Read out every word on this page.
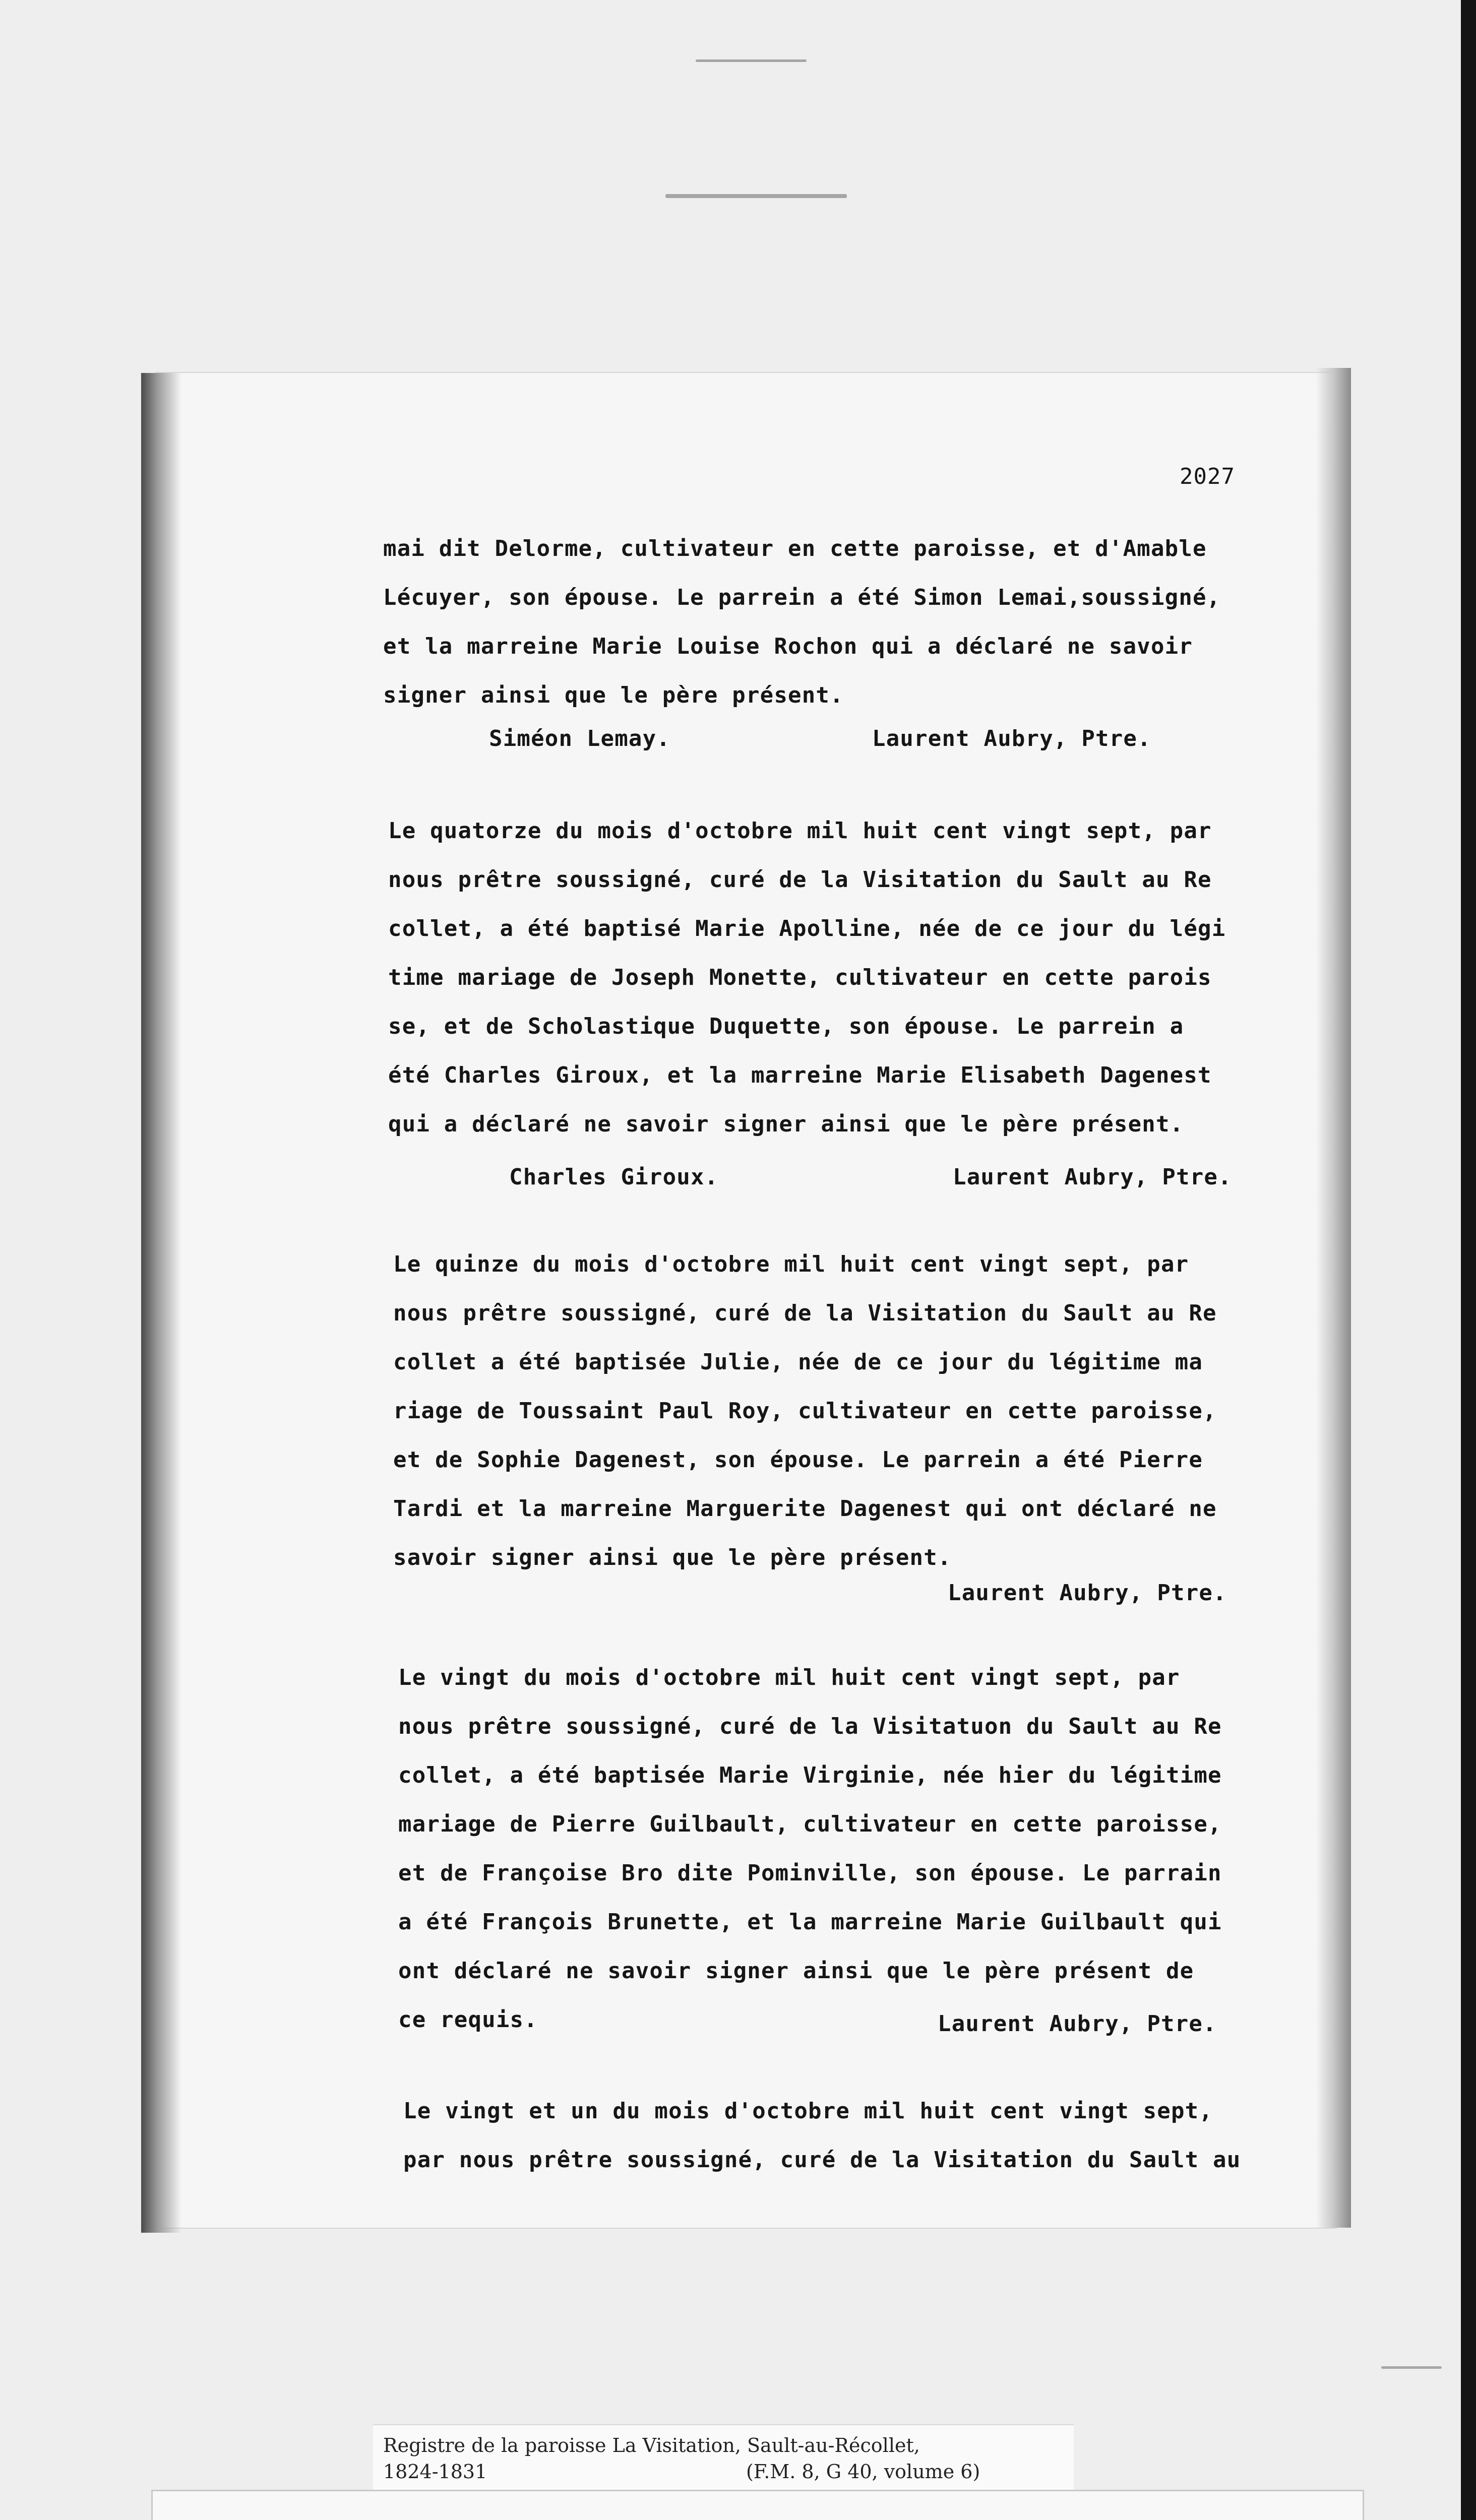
2027
mai dit Delorme, cultivateur en cette paroisse, et d'Amable
Lécuyer, son épouse. Le parrein a été Simon Lemai,soussigné,
et la marreine Marie Louise Rochon qui a déclaré ne savoir
signer ainsi que le père présent.
Siméon Lemay.	Laurent Aubry, Ptre.
Le quatorze du mois d'octobre mil huit cent vingt sept, par
nous prêtre soussigné, curé de la Visitation du Sault au Re
collet, a été baptisé Marie Apolline, née de ce jour du légi
time mariage de Joseph Monette, cultivateur en cette parois
se, et de Scholastique Duquette, son épouse. Le parrein a
été Charles Giroux, et la marreine Marie Elisabeth Dagenest
qui a déclaré ne savoir signer ainsi que le père présent.
Charles Giroux.	Laurent Aubry, Ptre.
Le quinze du mois d'octobre mil huit cent vingt sept, par
nous prêtre soussigné, curé de la Visitation du Sault au Re
collet a été baptisée Julie, née de ce jour du légitime ma
riage de Toussaint Paul Roy, cultivateur en cette paroisse,
et de Sophie Dagenest, son épouse. Le parrein a été Pierre
Tardi et la marreine Marguerite Dagenest qui ont déclaré ne
savoir signer ainsi que le père présent.
Laurent Aubry, Ptre.
Le vingt du mois d'octobre mil huit cent vingt sept, par
nous prêtre soussigné, curé de la Visitatuon du Sault au Re
collet, a été baptisée Marie Virginie, née hier du légitime
mariage de Pierre Guilbault, cultivateur en cette paroisse,
et de Françoise Bro dite Pominville, son épouse. Le parrain
a été François Brunette, et la marreine Marie Guilbault qui
ont déclaré ne savoir signer ainsi que le père présent de
ce requis.	Laurent Aubry, Ptre.
Le vingt et un du mois d'octobre mil huit cent vingt sept,
par nous prêtre soussigné, curé de la Visitation du Sault au
Registre de la paroisse La Visitation, Sault-au-Récollet,
1824-1831	(F.M. 8, G 40, volume 6)
